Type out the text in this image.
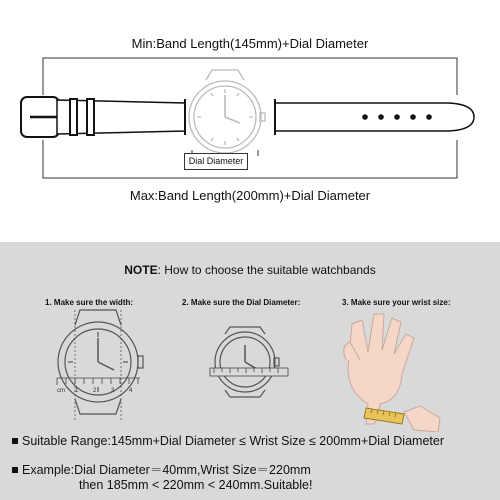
Min:Band Length(145mm)+Dial Diameter
Max:Band Length(200mm)+Dial Diameter
Dial Diameter
NOTE: How to choose the suitable watchbands
1. Make sure the width:	2. Make sure the Dial Diameter:	3. Make sure your wrist size:
cm 1 2 3 4
Suitable Range:145mm+Dial Diameter ≤ Wrist Size ≤ 200mm+Dial Diameter
Example:Dial Diameter＝40mm,Wrist Size＝220mm
then 185mm < 220mm < 240mm.Suitable!
